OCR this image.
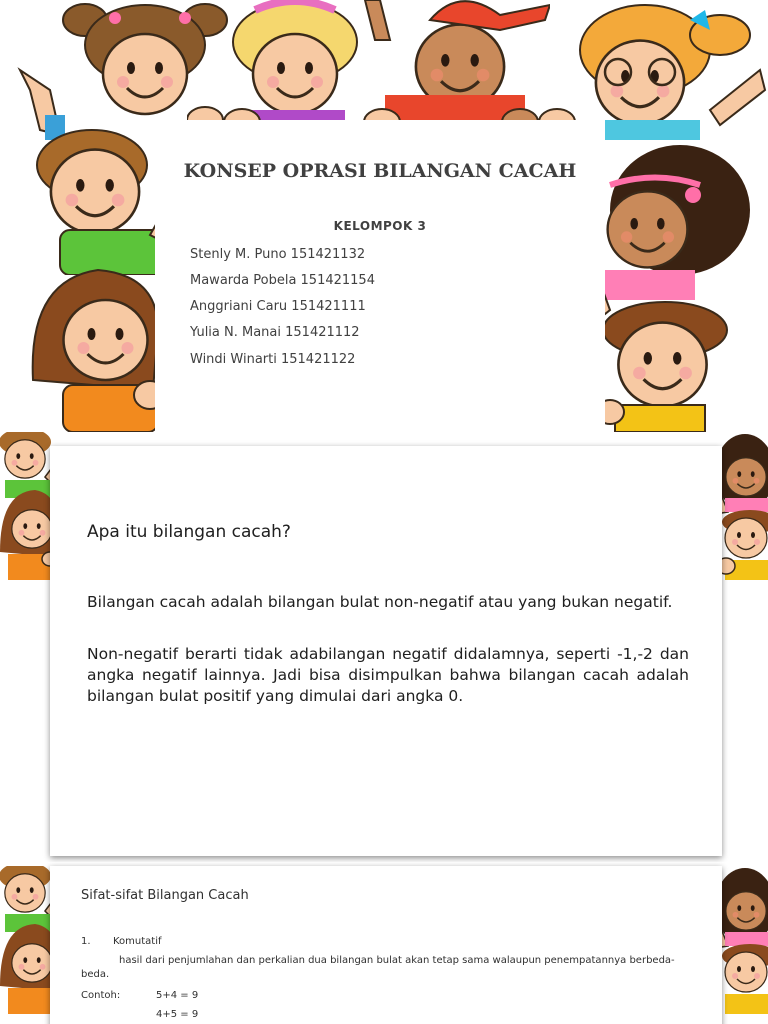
KONSEP OPRASI BILANGAN CACAH
KELOMPOK 3
Stenly M. Puno 151421132
Mawarda Pobela 151421154
Anggriani Caru 151421111
Yulia N. Manai 151421112
Windi Winarti 151421122
Apa itu bilangan cacah?
Bilangan cacah adalah bilangan bulat non-negatif atau yang bukan negatif.
Non-negatif berarti tidak adabilangan negatif didalamnya, seperti -1,-2 dan angka negatif lainnya. Jadi bisa disimpulkan bahwa bilangan cacah adalah bilangan bulat positif yang dimulai dari angka 0.
Sifat-sifat Bilangan Cacah
1. Komutatif
hasil dari penjumlahan dan perkalian dua bilangan bulat akan tetap sama walaupun penempatannya berbeda-beda.
Contoh:	5+4 = 9
4+5 = 9
